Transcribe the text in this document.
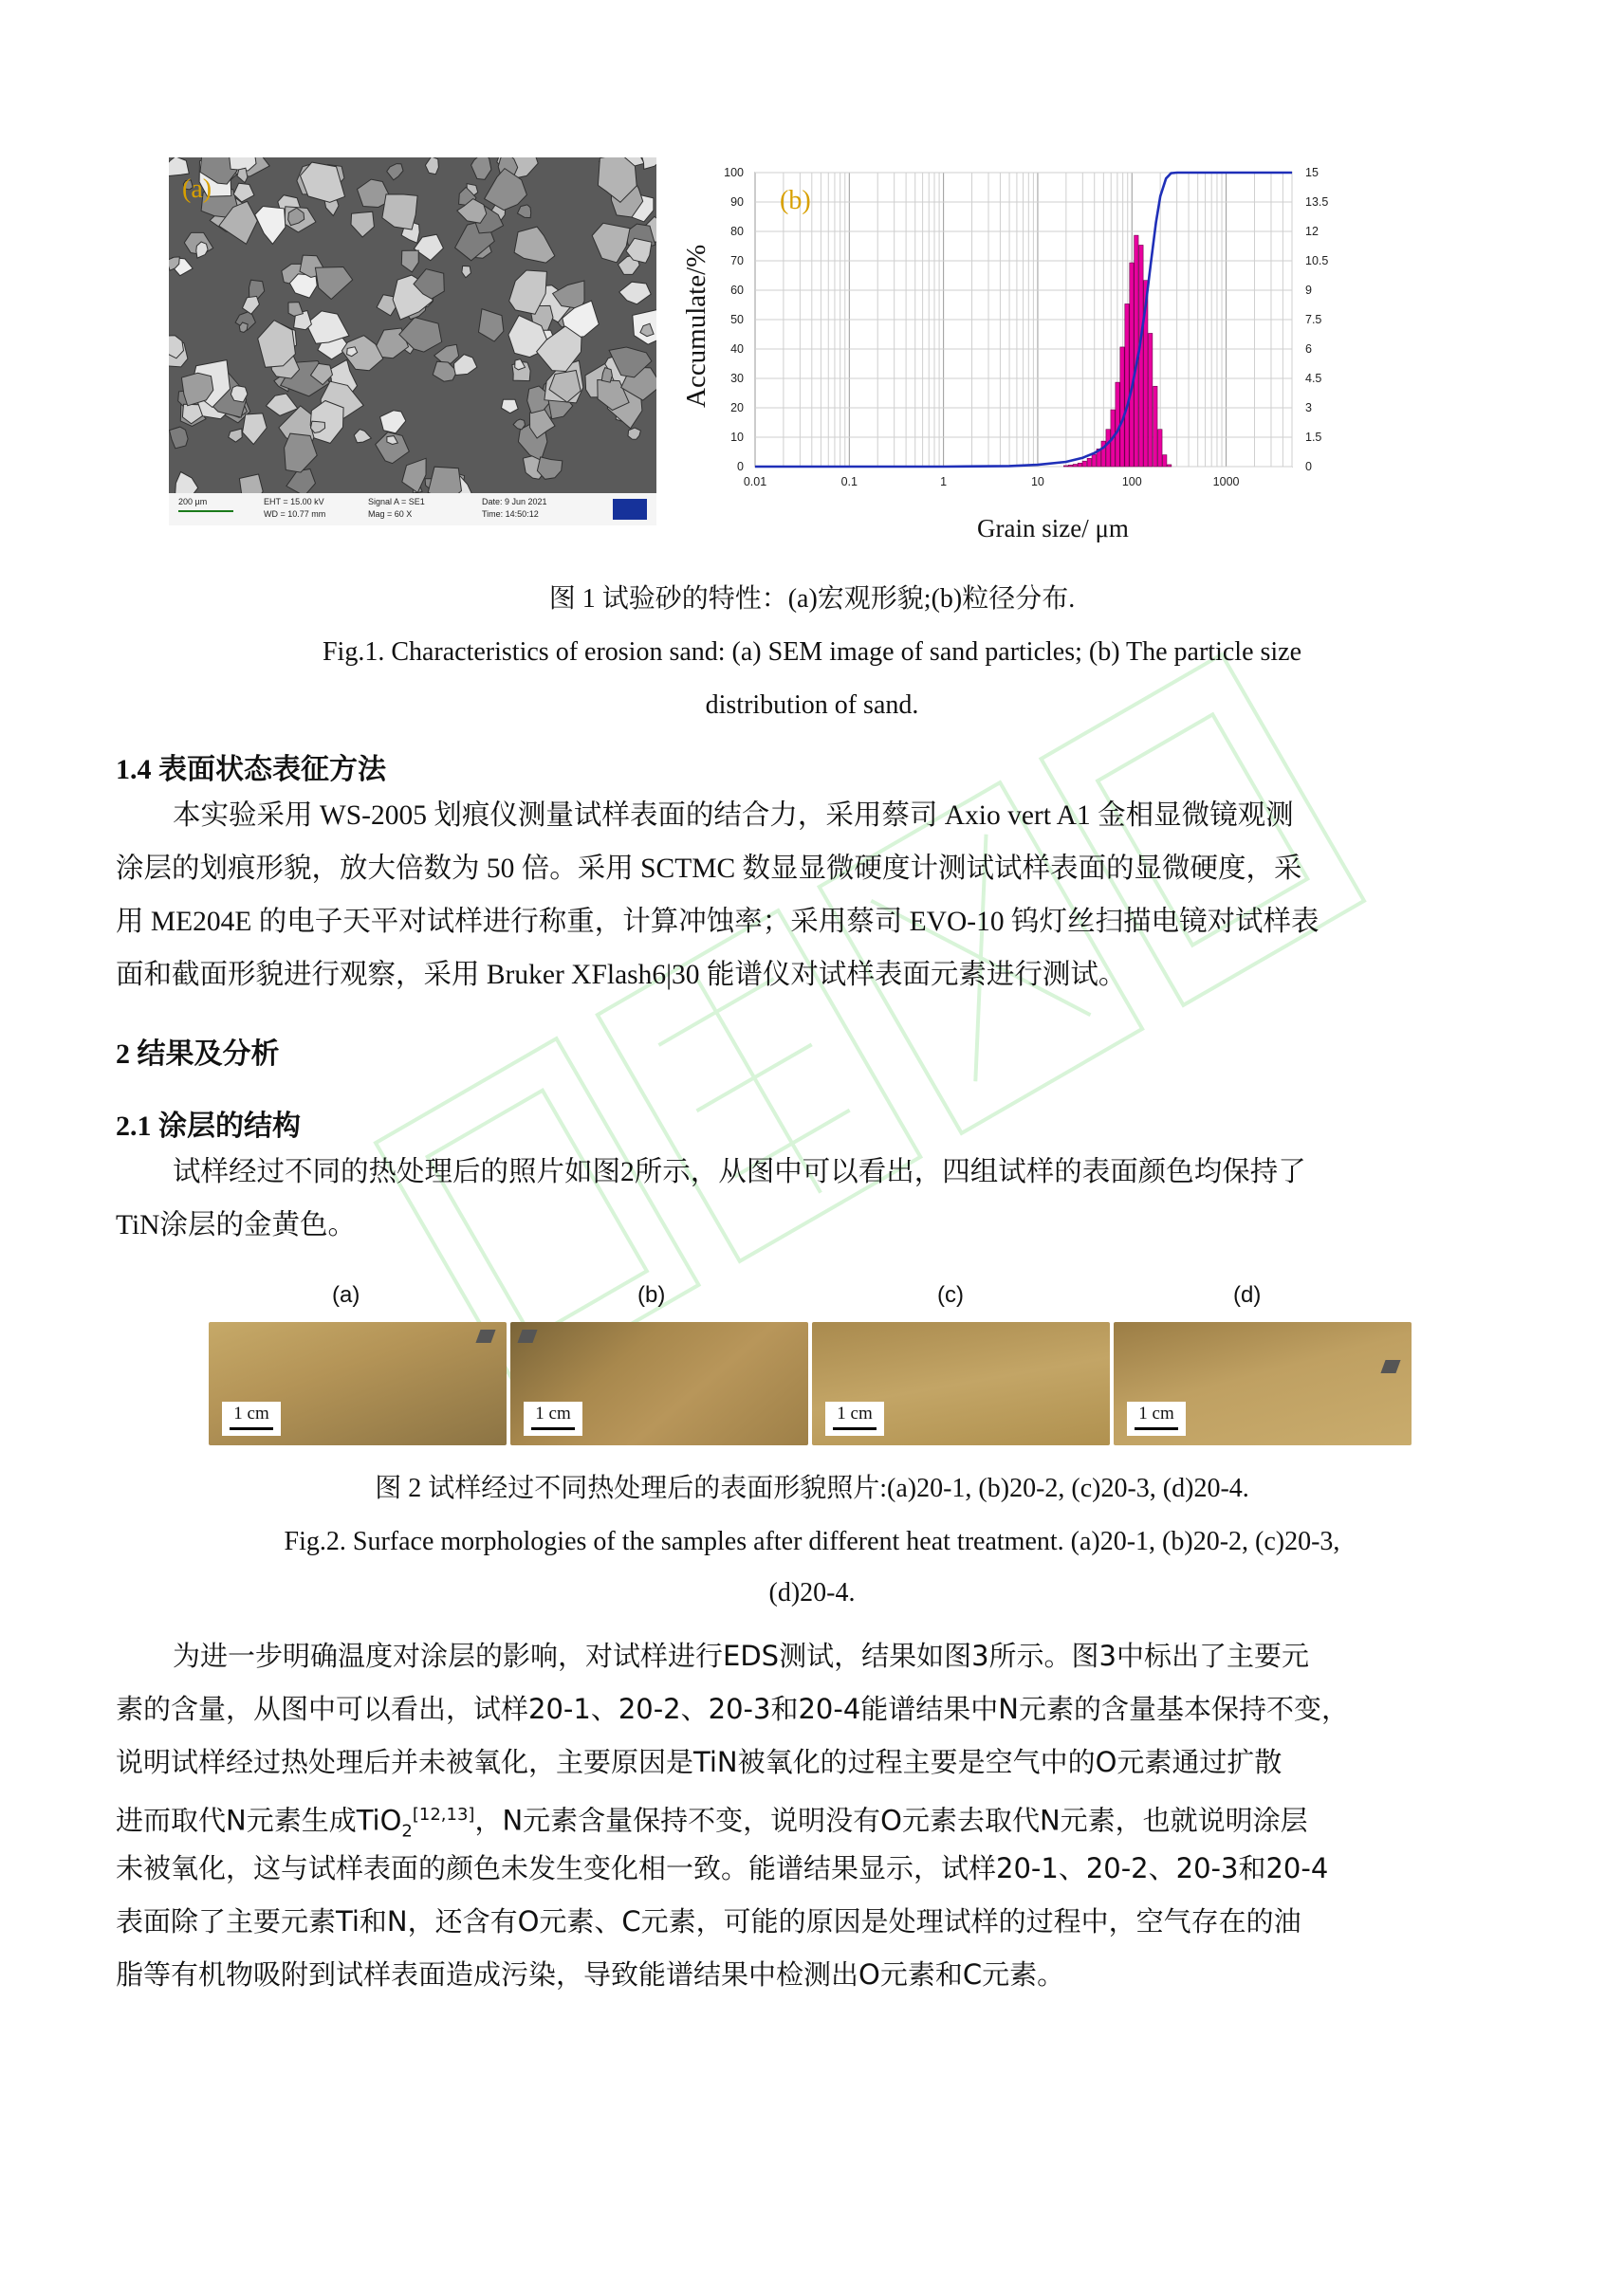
(a)
200 µm	EHT = 15.00 kV
WD = 10.77 mm
Signal A = SE1
Mag = 60 X
Date: 9 Jun 2021
Time: 14:50:12
0	0
10	1.5
20	3
30	4.5
40	6
50	7.5
60	9
70	10.5
80	12
90	13.5
100	15
0.01	0.1	1	10	100	1000
(b)
Accumulate/%
Grain size/ μm
图 1 试验砂的特性：(a)宏观形貌;(b)粒径分布.
Fig.1. Characteristics of erosion sand: (a) SEM image of sand particles; (b) The particle size
distribution of sand.
1.4 表面状态表征方法
本实验采用 WS-2005 划痕仪测量试样表面的结合力，采用蔡司 Axio vert A1 金相显微镜观测
涂层的划痕形貌，放大倍数为 50 倍。采用 SCTMC 数显显微硬度计测试试样表面的显微硬度，采
用 ME204E 的电子天平对试样进行称重，计算冲蚀率；采用蔡司 EVO-10 钨灯丝扫描电镜对试样表
面和截面形貌进行观察，采用 Bruker XFlash6|30 能谱仪对试样表面元素进行测试。
2 结果及分析
2.1 涂层的结构
试样经过不同的热处理后的照片如图2所示，从图中可以看出，四组试样的表面颜色均保持了
TiN涂层的金黄色。
(a)	(b)	(c)	(d)
1 cm	1 cm	1 cm	1 cm
图 2 试样经过不同热处理后的表面形貌照片:(a)20-1, (b)20-2, (c)20-3, (d)20-4.
Fig.2. Surface morphologies of the samples after different heat treatment. (a)20-1, (b)20-2, (c)20-3,
(d)20-4.
为进一步明确温度对涂层的影响，对试样进行EDS测试，结果如图3所示。图3中标出了主要元
素的含量，从图中可以看出，试样20-1、20-2、20-3和20-4能谱结果中N元素的含量基本保持不变，
说明试样经过热处理后并未被氧化，主要原因是TiN被氧化的过程主要是空气中的O元素通过扩散
进而取代N元素生成TiO$_2$[12,13]，N元素含量保持不变，说明没有O元素去取代N元素，也就说明涂层
未被氧化，这与试样表面的颜色未发生变化相一致。能谱结果显示，试样20-1、20-2、20-3和20-4
表面除了主要元素Ti和N，还含有O元素、C元素，可能的原因是处理试样的过程中，空气存在的油
脂等有机物吸附到试样表面造成污染，导致能谱结果中检测出O元素和C元素。
